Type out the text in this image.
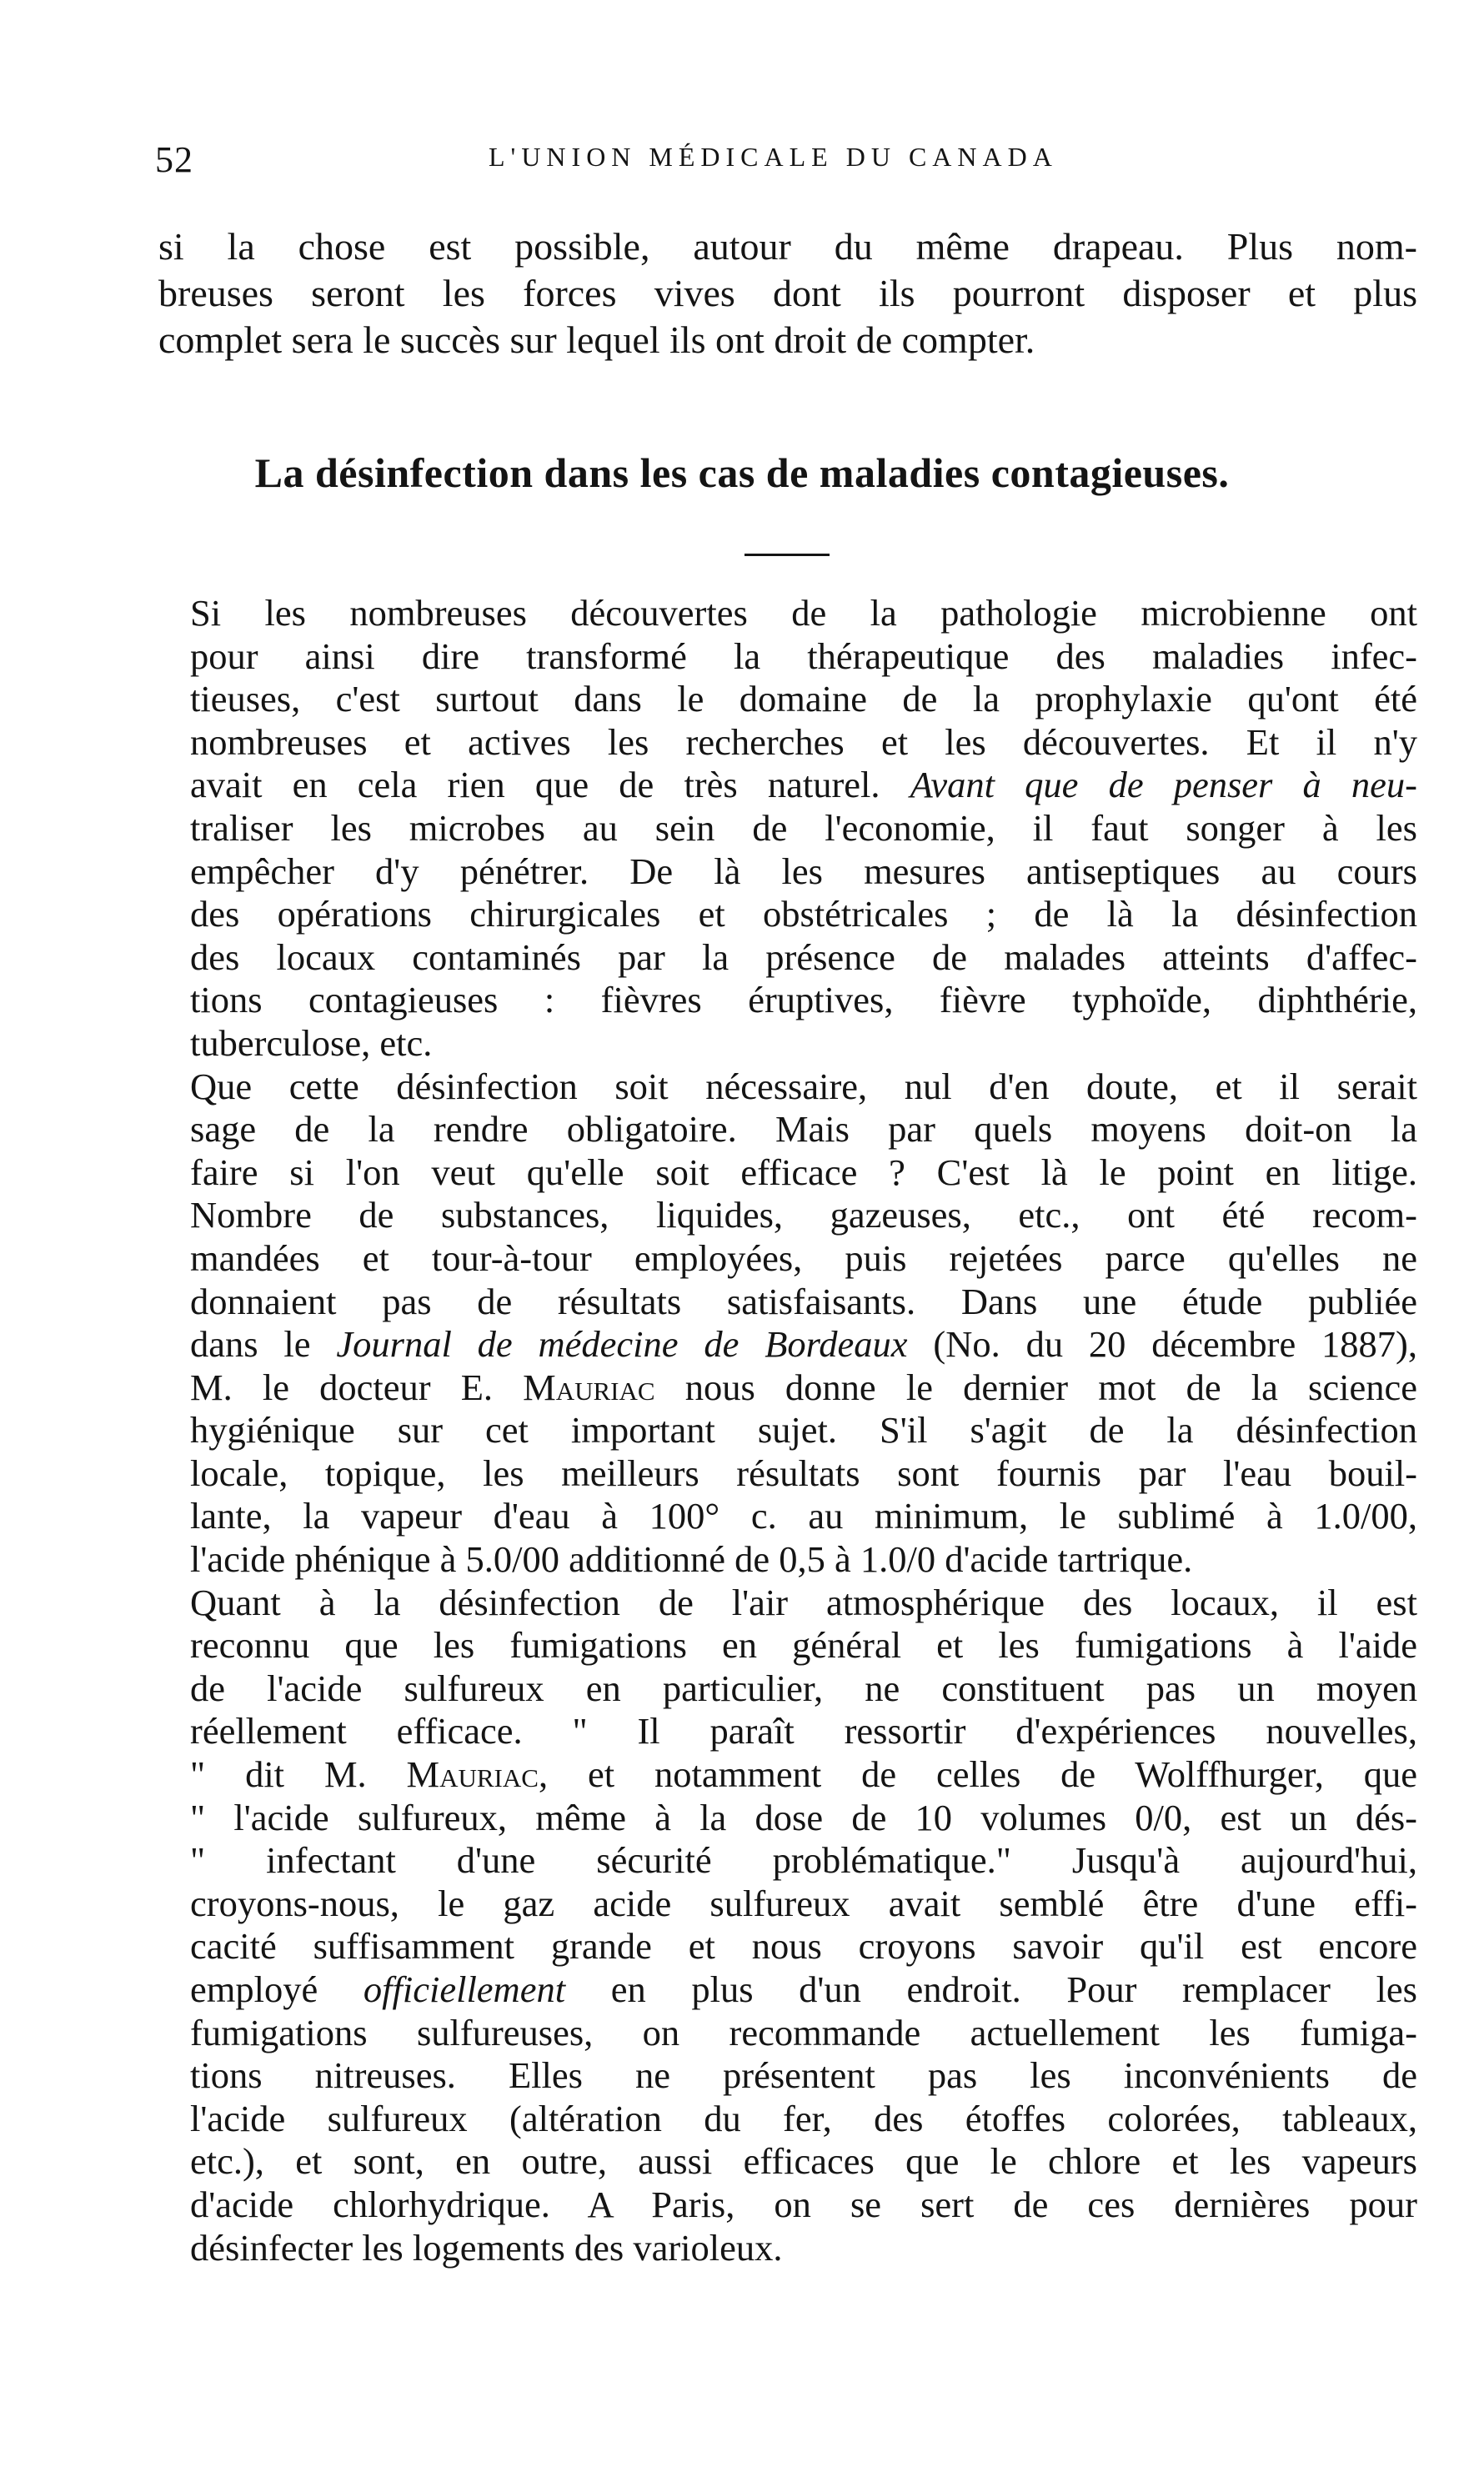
52	L'UNION MÉDICALE DU CANADA
si la chose est possible, autour du même drapeau. Plus nom-
breuses seront les forces vives dont ils pourront disposer et plus
complet sera le succès sur lequel ils ont droit de compter.
La désinfection dans les cas de maladies contagieuses.

Si les nombreuses découvertes de la pathologie microbienne ont
pour ainsi dire transformé la thérapeutique des maladies infec-
tieuses, c'est surtout dans le domaine de la prophylaxie qu'ont été
nombreuses et actives les recherches et les découvertes. Et il n'y
avait en cela rien que de très naturel. Avant que de penser à neu-
traliser les microbes au sein de l'economie, il faut songer à les
empêcher d'y pénétrer. De là les mesures antiseptiques au cours
des opérations chirurgicales et obstétricales ; de là la désinfection
des locaux contaminés par la présence de malades atteints d'affec-
tions contagieuses : fièvres éruptives, fièvre typhoïde, diphthérie,
tuberculose, etc.

Que cette désinfection soit nécessaire, nul d'en doute, et il serait
sage de la rendre obligatoire. Mais par quels moyens doit-on la
faire si l'on veut qu'elle soit efficace ? C'est là le point en litige.
Nombre de substances, liquides, gazeuses, etc., ont été recom-
mandées et tour-à-tour employées, puis rejetées parce qu'elles ne
donnaient pas de résultats satisfaisants. Dans une étude publiée
dans le Journal de médecine de Bordeaux (No. du 20 décembre 1887),
M. le docteur E. Mauriac nous donne le dernier mot de la science
hygiénique sur cet important sujet. S'il s'agit de la désinfection
locale, topique, les meilleurs résultats sont fournis par l'eau bouil-
lante, la vapeur d'eau à 100° c. au minimum, le sublimé à 1.0/00,
l'acide phénique à 5.0/00 additionné de 0,5 à 1.0/0 d'acide tartrique.

Quant à la désinfection de l'air atmosphérique des locaux, il est
reconnu que les fumigations en général et les fumigations à l'aide
de l'acide sulfureux en particulier, ne constituent pas un moyen
réellement efficace. " Il paraît ressortir d'expériences nouvelles,
" dit M. Mauriac, et notamment de celles de Wolffhurger, que
" l'acide sulfureux, même à la dose de 10 volumes 0/0, est un dés-
" infectant d'une sécurité problématique." Jusqu'à aujourd'hui,
croyons-nous, le gaz acide sulfureux avait semblé être d'une effi-
cacité suffisamment grande et nous croyons savoir qu'il est encore
employé officiellement en plus d'un endroit. Pour remplacer les
fumigations sulfureuses, on recommande actuellement les fumiga-
tions nitreuses. Elles ne présentent pas les inconvénients de
l'acide sulfureux (altération du fer, des étoffes colorées, tableaux,
etc.), et sont, en outre, aussi efficaces que le chlore et les vapeurs
d'acide chlorhydrique. A Paris, on se sert de ces dernières pour
désinfecter les logements des varioleux.
